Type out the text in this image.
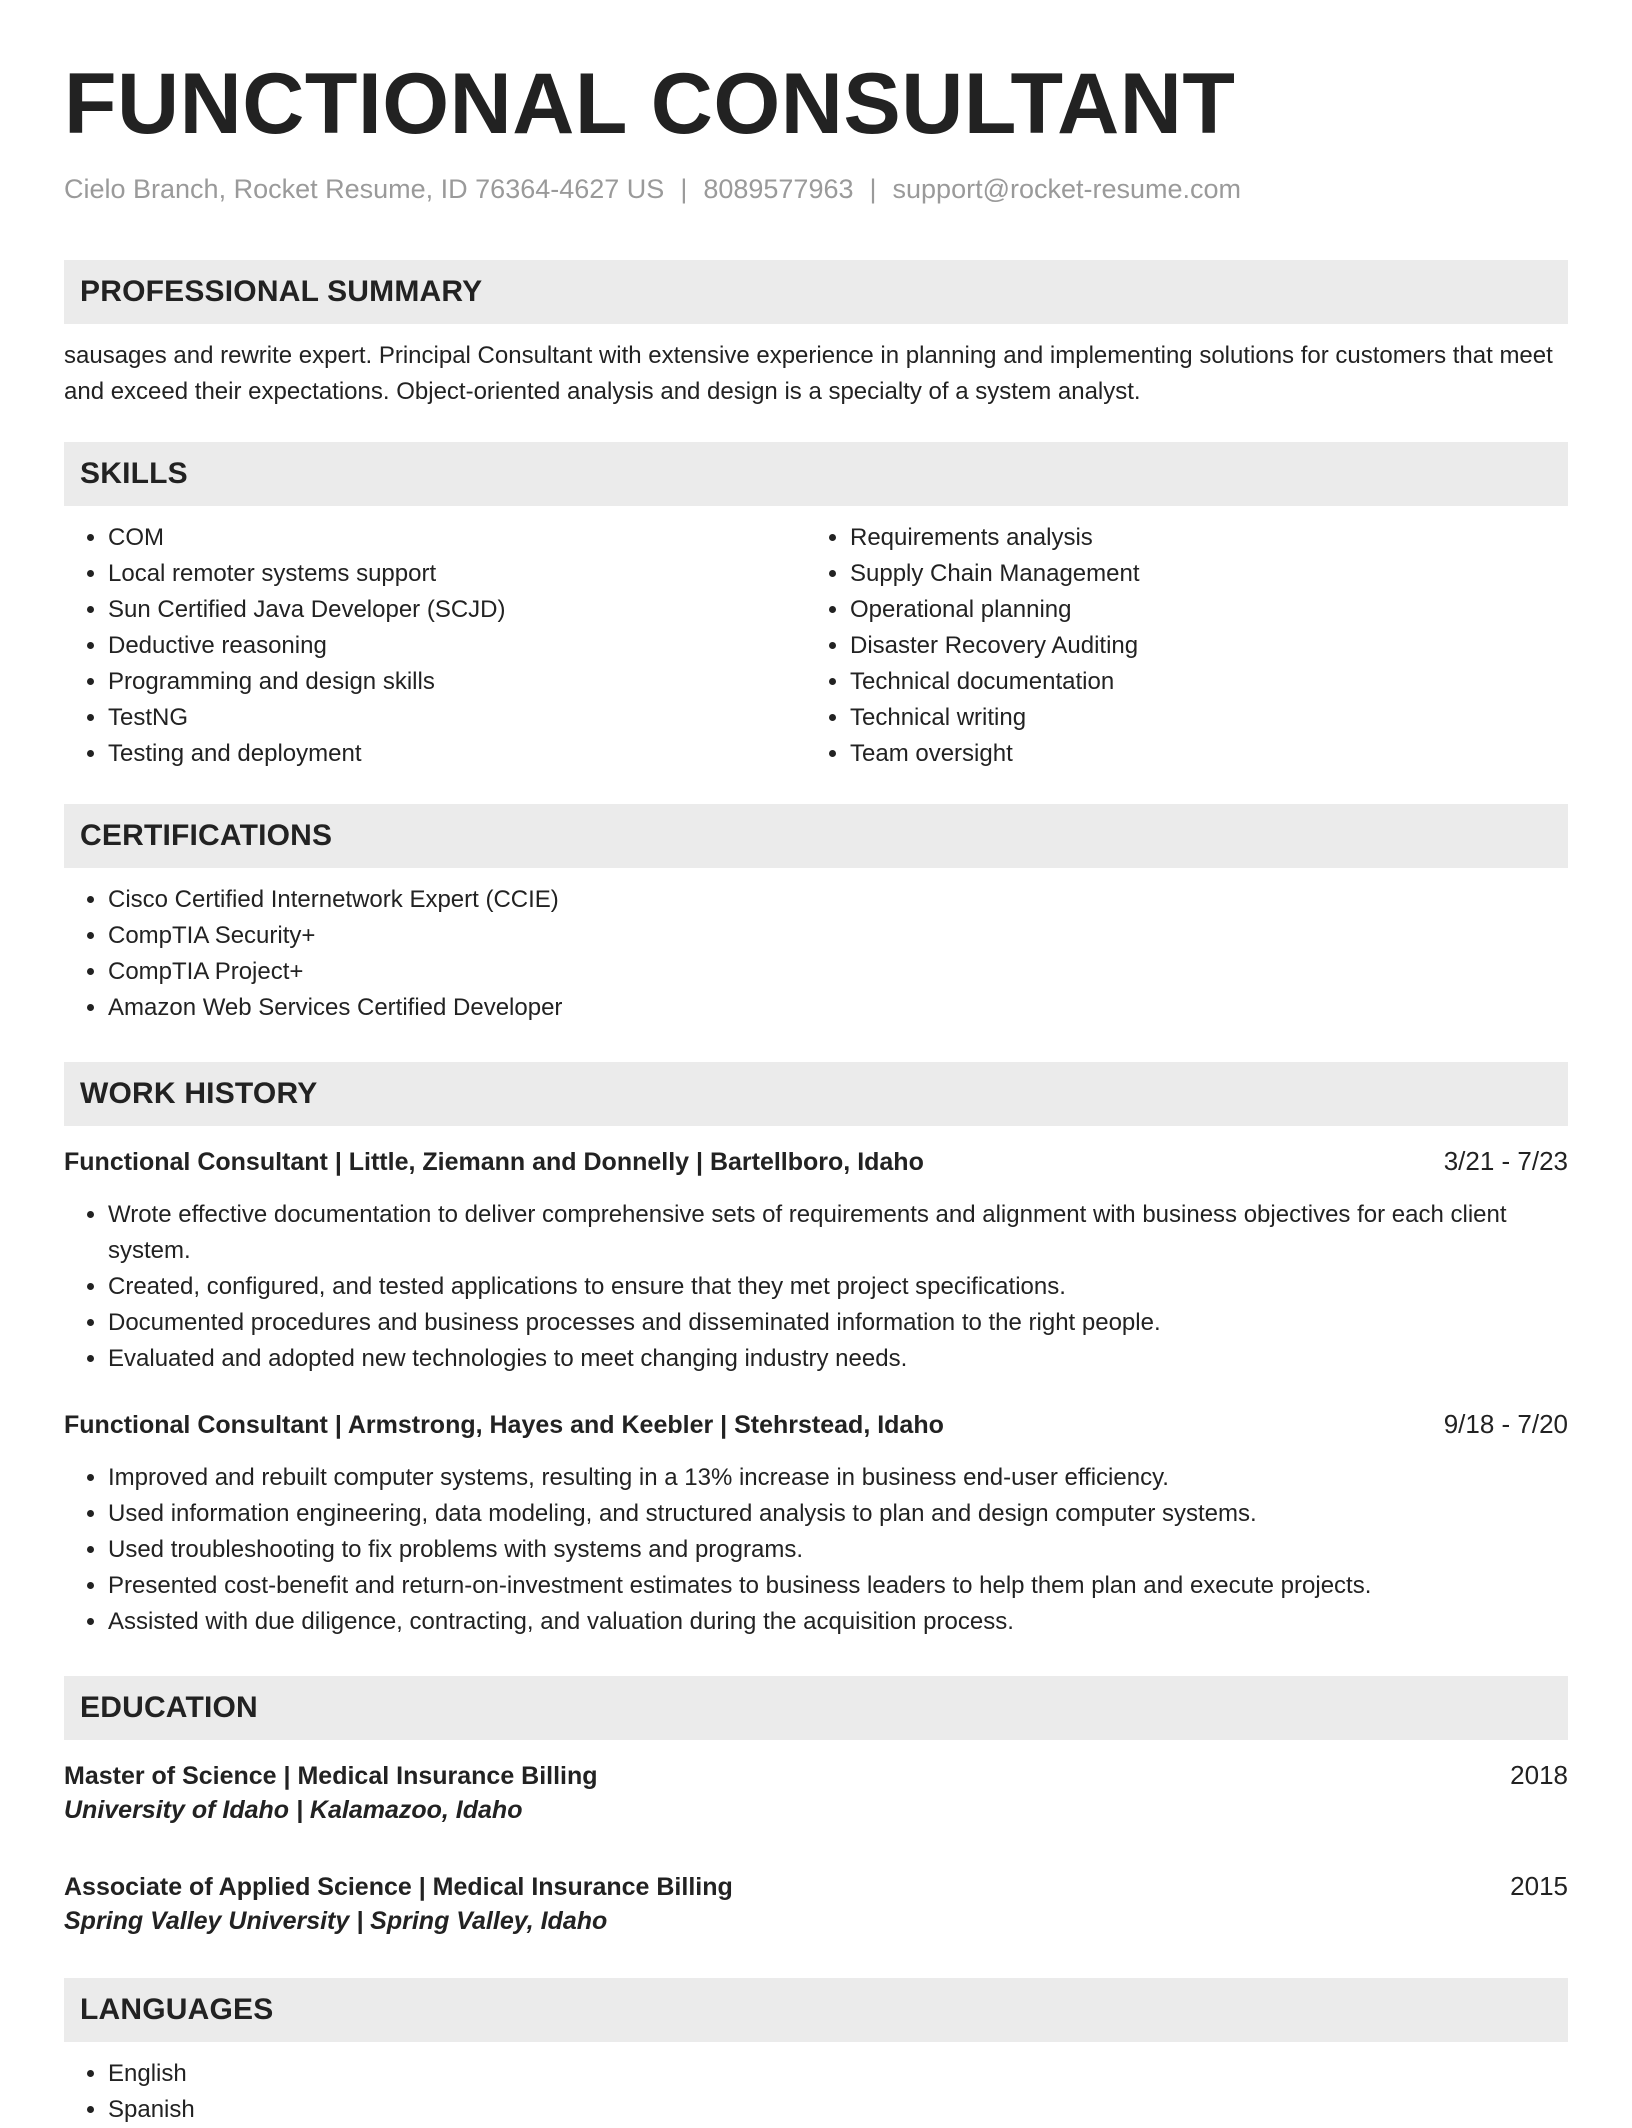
FUNCTIONAL CONSULTANT
Cielo Branch, Rocket Resume, ID 76364-4627 US | 8089577963 | support@rocket-resume.com
PROFESSIONAL SUMMARY

sausages and rewrite expert. Principal Consultant with extensive experience in planning and implementing solutions for customers that meet and exceed their expectations. Object-oriented analysis and design is a specialty of a system analyst.

SKILLS
• COM
• Local remoter systems support
• Sun Certified Java Developer (SCJD)
• Deductive reasoning
• Programming and design skills
• TestNG
• Testing and deployment
• Requirements analysis
• Supply Chain Management
• Operational planning
• Disaster Recovery Auditing
• Technical documentation
• Technical writing
• Team oversight
CERTIFICATIONS
• Cisco Certified Internetwork Expert (CCIE)
• CompTIA Security+
• CompTIA Project+
• Amazon Web Services Certified Developer
WORK HISTORY
Functional Consultant | Little, Ziemann and Donnelly | Bartellboro, Idaho	3/21 - 7/23
• Wrote effective documentation to deliver comprehensive sets of requirements and alignment with business objectives for each client system.
• Created, configured, and tested applications to ensure that they met project specifications.
• Documented procedures and business processes and disseminated information to the right people.
• Evaluated and adopted new technologies to meet changing industry needs.
Functional Consultant | Armstrong, Hayes and Keebler | Stehrstead, Idaho	9/18 - 7/20
• Improved and rebuilt computer systems, resulting in a 13% increase in business end-user efficiency.
• Used information engineering, data modeling, and structured analysis to plan and design computer systems.
• Used troubleshooting to fix problems with systems and programs.
• Presented cost-benefit and return-on-investment estimates to business leaders to help them plan and execute projects.
• Assisted with due diligence, contracting, and valuation during the acquisition process.
EDUCATION
Master of Science | Medical Insurance Billing	2018
University of Idaho | Kalamazoo, Idaho
Associate of Applied Science | Medical Insurance Billing	2015
Spring Valley University | Spring Valley, Idaho
LANGUAGES
• English
• Spanish
